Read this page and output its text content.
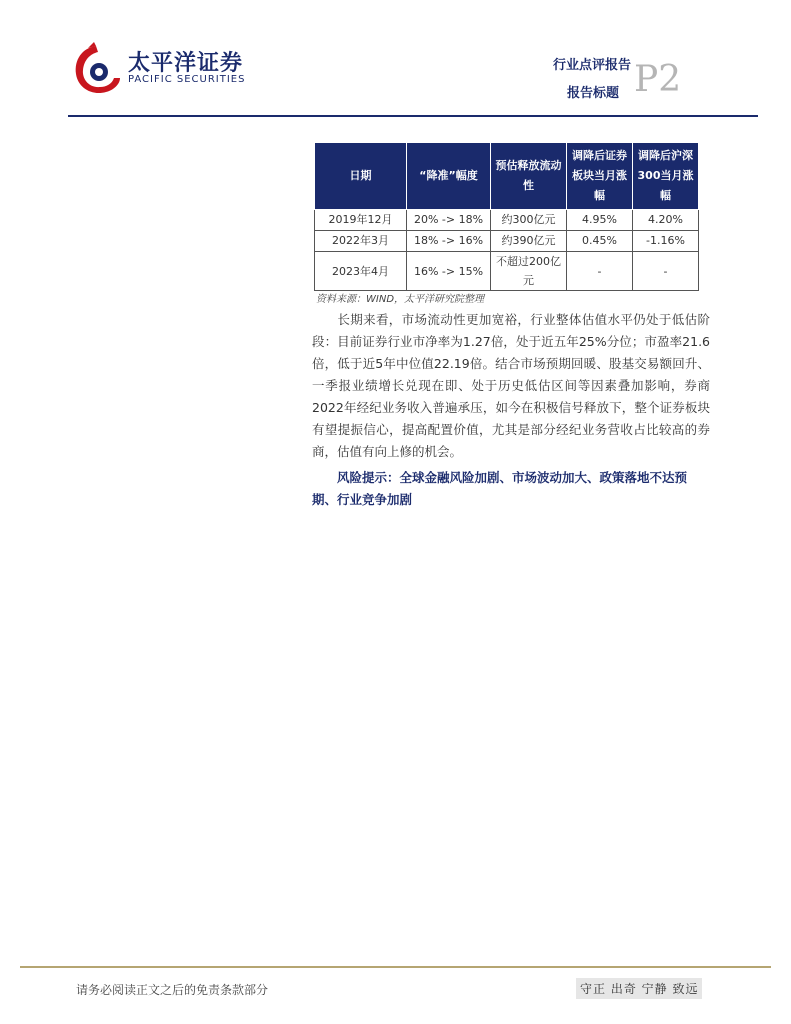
太平洋证券
PACIFIC SECURITIES
行业点评报告
报告标题 P2
日期	“降准”幅度	预估释放流动性	调降后证券板块当月涨幅	调降后沪深300当月涨幅
2019年12月	20% -> 18%	约300亿元	4.95%	4.20%
2022年3月	18% -> 16%	约390亿元	0.45%	-1.16%
2023年4月	16% -> 15%	不超过200亿元	-	-
资料来源：WIND，太平洋研究院整理

长期来看，市场流动性更加宽裕，行业整体估值水平仍处于低估阶段：目前证券行业市净率为1.27倍，处于近五年25%分位；市盈率21.6倍，低于近5年中位值22.19倍。结合市场预期回暖、股基交易额回升、一季报业绩增长兑现在即、处于历史低估区间等因素叠加影响，券商2022年经纪业务收入普遍承压，如今在积极信号释放下，整个证券板块有望提振信心，提高配置价值，尤其是部分经纪业务营收占比较高的券商，估值有向上修的机会。

风险提示：全球金融风险加剧、市场波动加大、政策落地不达预期、行业竞争加剧

请务必阅读正文之后的免责条款部分	守正 出奇 宁静 致远
